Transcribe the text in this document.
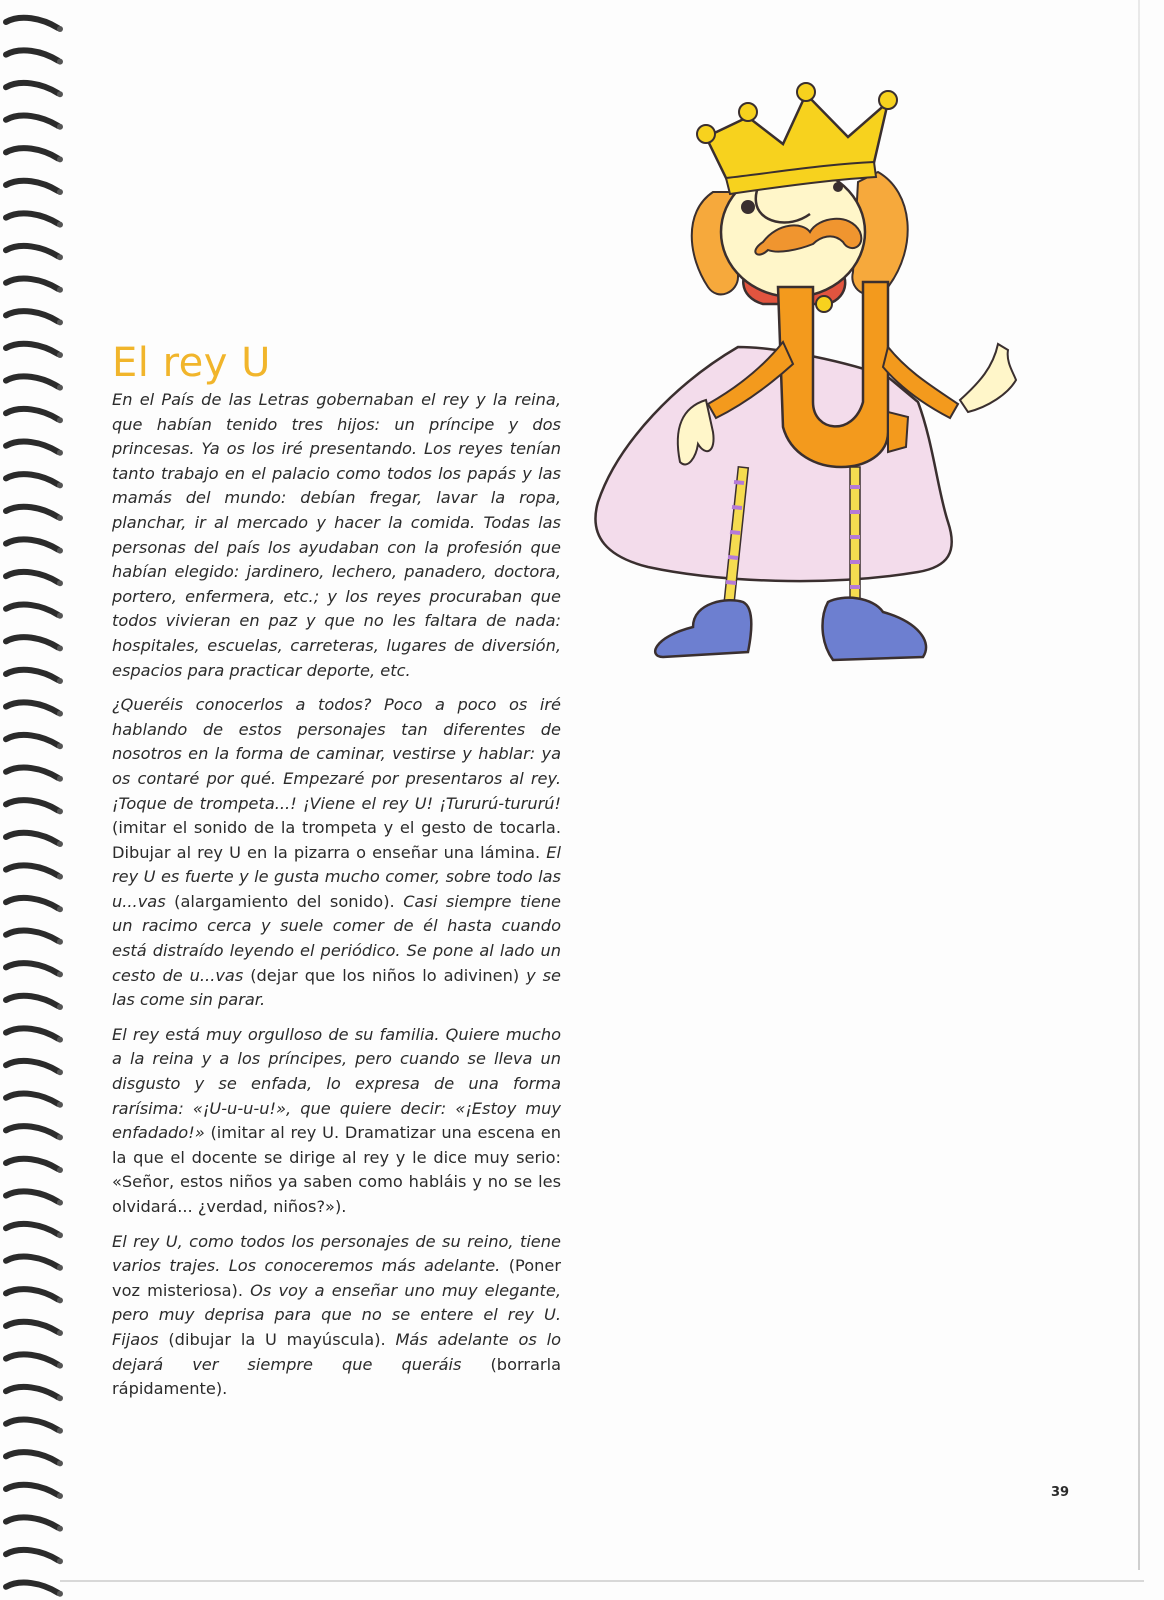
El rey U

En el País de las Letras gobernaban el rey y la reina, que habían tenido tres hijos: un príncipe y dos princesas. Ya os los iré presentando. Los reyes tenían tanto trabajo en el palacio como todos los papás y las mamás del mundo: debían fregar, lavar la ropa, planchar, ir al mercado y hacer la comida. Todas las personas del país los ayudaban con la profesión que habían elegido: jardinero, lechero, panadero, doctora, portero, enfermera, etc.; y los reyes procuraban que todos vivieran en paz y que no les faltara de nada: hospitales, escuelas, carreteras, lugares de diversión, espacios para practicar deporte, etc.

¿Queréis conocerlos a todos? Poco a poco os iré hablando de estos personajes tan diferentes de nosotros en la forma de caminar, vestirse y hablar: ya os contaré por qué. Empezaré por presentaros al rey. ¡Toque de trompeta...! ¡Viene el rey U! ¡Tururú-tururú! (imitar el sonido de la trompeta y el gesto de tocarla. Dibujar al rey U en la pizarra o enseñar una lámina. El rey U es fuerte y le gusta mucho comer, sobre todo las u...vas (alargamiento del sonido). Casi siempre tiene un racimo cerca y suele comer de él hasta cuando está distraído leyendo el periódico. Se pone al lado un cesto de u...vas (dejar que los niños lo adivinen) y se las come sin parar.

El rey está muy orgulloso de su familia. Quiere mucho a la reina y a los príncipes, pero cuando se lleva un disgusto y se enfada, lo expresa de una forma rarísima: «¡U-u-u-u!», que quiere decir: «¡Estoy muy enfadado!» (imitar al rey U. Dramatizar una escena en la que el docente se dirige al rey y le dice muy serio: «Señor, estos niños ya saben como habláis y no se les olvidará... ¿verdad, niños?»).

El rey U, como todos los personajes de su reino, tiene varios trajes. Los conoceremos más adelante. (Poner voz misteriosa). Os voy a enseñar uno muy elegante, pero muy deprisa para que no se entere el rey U. Fijaos (dibujar la U mayúscula). Más adelante os lo dejará ver siempre que queráis (borrarla rápidamente).

39
